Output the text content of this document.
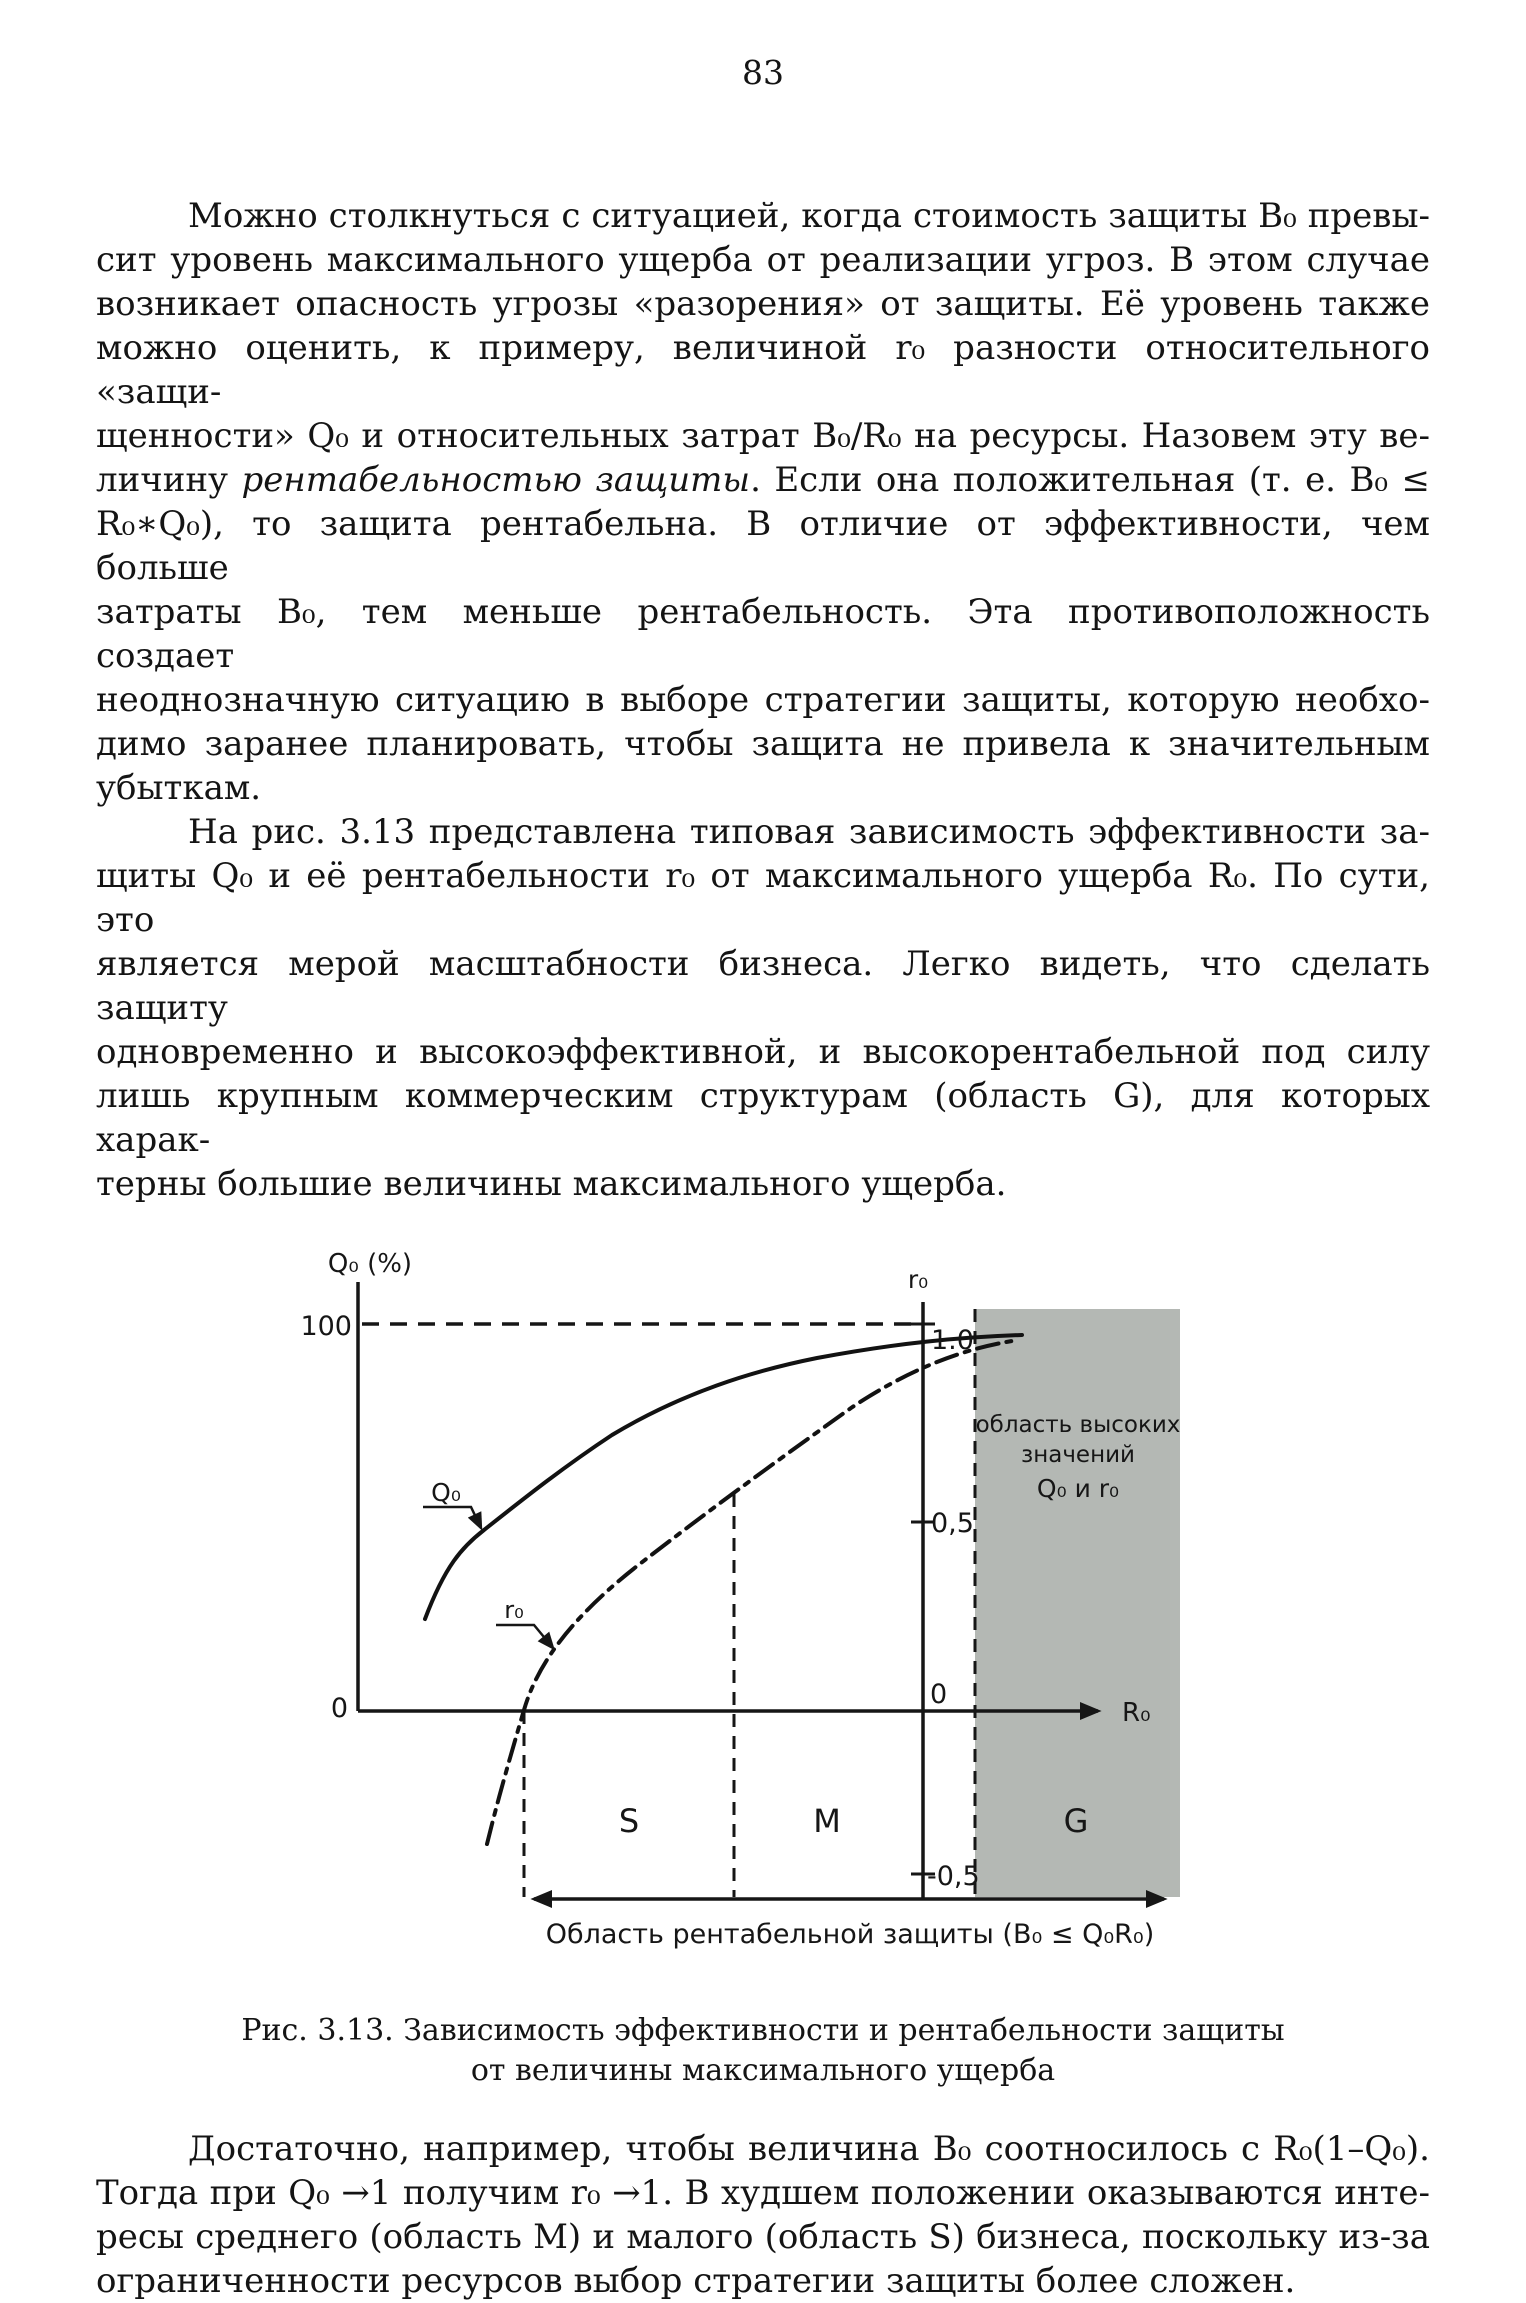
83
Можно столкнуться с ситуацией, когда стоимость защиты B₀ превы-
сит уровень максимального ущерба от реализации угроз. В этом случае
возникает опасность угрозы «разорения» от защиты. Её уровень также
можно оценить, к примеру, величиной r₀ разности относительного «защи-
щенности» Q₀ и относительных затрат B₀/R₀ на ресурсы. Назовем эту ве-
личину рентабельностью защиты. Если она положительная (т. е. B₀ ≤
R₀∗Q₀), то защита рентабельна. В отличие от эффективности, чем больше
затраты B₀, тем меньше рентабельность. Эта противоположность создает
неоднозначную ситуацию в выборе стратегии защиты, которую необхо-
димо заранее планировать, чтобы защита не привела к значительным
убыткам.
На рис. 3.13 представлена типовая зависимость эффективности за-
щиты Q₀ и её рентабельности r₀ от максимального ущерба R₀. По сути, это
является мерой масштабности бизнеса. Легко видеть, что сделать защиту
одновременно и высокоэффективной, и высокорентабельной под силу
лишь крупным коммерческим структурам (область G), для которых харак-
терны большие величины максимального ущерба.
Q₀ (%)
100
0
r₀
1.0
0,5
0
-0,5
R₀
Q₀
r₀
S	M	G
область высоких
значений
Q₀ и r₀
Область рентабельной защиты (B₀ ≤ Q₀R₀)
Рис. 3.13. Зависимость эффективности и рентабельности защиты
от величины максимального ущерба
Достаточно, например, чтобы величина B₀ соотносилось с R₀(1–Q₀).
Тогда при Q₀ →1 получим r₀ →1. В худшем положении оказываются инте-
ресы среднего (область М) и малого (область S) бизнеса, поскольку из-за
ограниченности ресурсов выбор стратегии защиты более сложен.
